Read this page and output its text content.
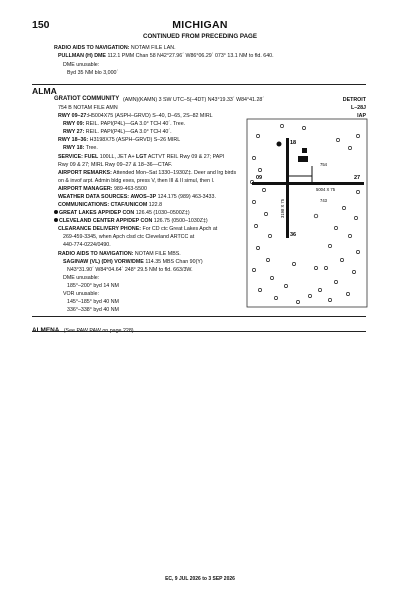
150	MICHIGAN
CONTINUED FROM PRECEDING PAGE
RADIO AIDS TO NAVIGATION: NOTAM FILE LAN.
PULLMAN (H) DME 112.1 PMM Chan 58 N42°27.96´ W86°06.29´ 073° 13.1 NM to fld. 640.
DME unusable:
Byd 35 NM blo 3,000´
ALMA
GRATIOT COMMUNITY (AMN)(KAMN) 3 SW UTC–5(–4DT) N43°19.33´ W84°41.28´	DETROIT
754 B NOTAM FILE AMN	L–28J
IAP
RWY 09–27:H5004X75 (ASPH–GRVD) S–40, D–65, 2S–82 MIRL
RWY 09: REIL. PAPI(P4L)—GA 3.0° TCH 40´. Tree.
RWY 27: REIL. PAPI(P4L)—GA 3.0° TCH 40´.
RWY 18–36: H3198X75 (ASPH–GRVD) S–26 MIRL
RWY 18: Tree.
SERVICE: FUEL 100LL, JET A+ LGT ACTVT REIL Rwy 09 & 27; PAPI
Rwy 09 & 27; MIRL Rwy 09–27 & 18–36—CTAF.
AIRPORT REMARKS: Attended Mon–Sat 1330–1930Z‡. Deer and lrg birds
on & invof arpt. Admin bldg exes, press V, then III & II simul, then I.
AIRPORT MANAGER: 989-463-5500
WEATHER DATA SOURCES: AWOS–3P 124.175 (989) 463-3433.
COMMUNICATIONS: CTAF/UNICOM 122.8
GREAT LAKES APP/DEP CON 126.45 (1030–0500Z‡)
CLEVELAND CENTER APP/DEP CON 126.75 (0500–1030Z‡)
CLEARANCE DELIVERY PHONE: For CD ctc Great Lakes Apch at
269-459-3345, when Apch clsd ctc Cleveland ARTCC at
440-774-0224/0490.
RADIO AIDS TO NAVIGATION: NOTAM FILE MBS.
SAGINAW (VL) (DH) VORW/DME 114.35 MBS Chan 90(Y)
N43°31.90´ W84°04.64´ 248° 29.5 NM to fld. 663/3W.
DME unusable:
185°–200° byd 14 NM
VOR unusable:
145°–185° byd 40 NM
336°–338° byd 40 NM
09	27
18
36
5004 X 75
3198 X 75
754
743
ALMENA (See PAW PAW on page 228)
EC, 9 JUL 2026 to 3 SEP 2026
